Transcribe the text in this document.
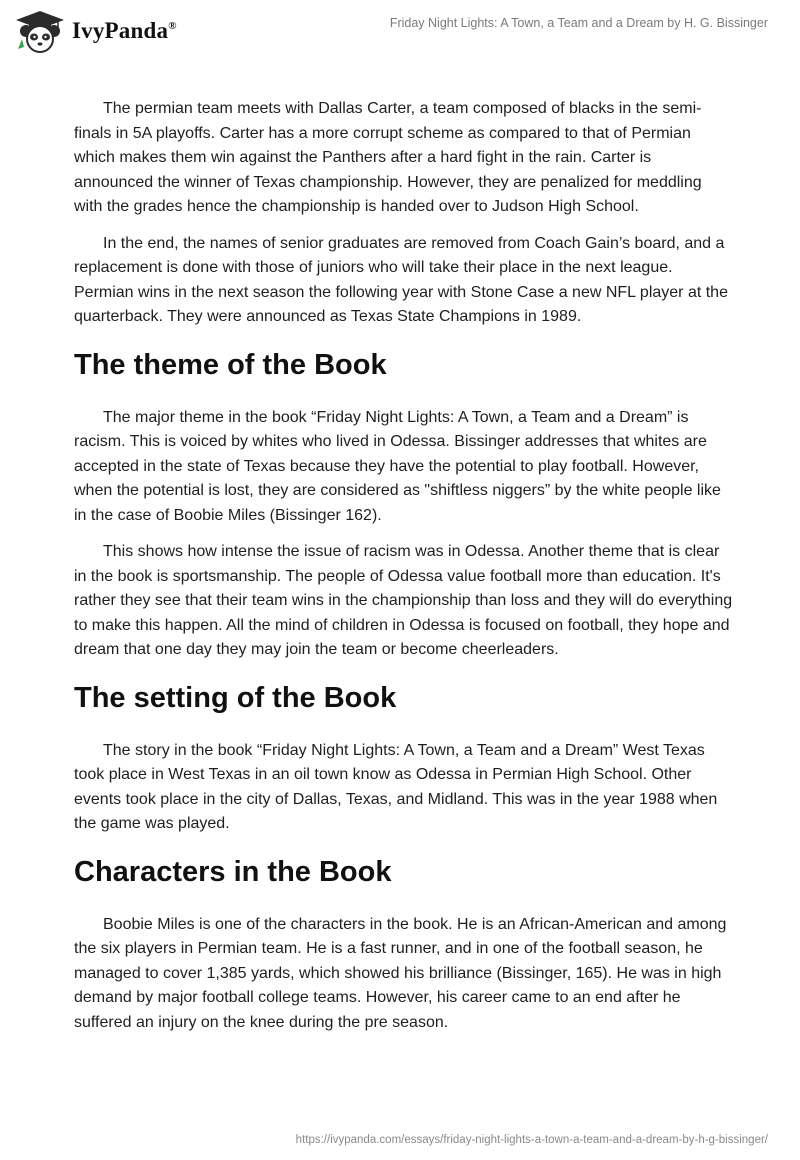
IvyPanda®	Friday Night Lights: A Town, a Team and a Dream by H. G. Bissinger

The permian team meets with Dallas Carter, a team composed of blacks in the semi-finals in 5A playoffs. Carter has a more corrupt scheme as compared to that of Permian which makes them win against the Panthers after a hard fight in the rain. Carter is announced the winner of Texas championship. However, they are penalized for meddling with the grades hence the championship is handed over to Judson High School.

In the end, the names of senior graduates are removed from Coach Gain’s board, and a replacement is done with those of juniors who will take their place in the next league. Permian wins in the next season the following year with Stone Case a new NFL player at the quarterback. They were announced as Texas State Champions in 1989.

The theme of the Book

The major theme in the book “Friday Night Lights: A Town, a Team and a Dream” is racism. This is voiced by whites who lived in Odessa. Bissinger addresses that whites are accepted in the state of Texas because they have the potential to play football. However, when the potential is lost, they are considered as "shiftless niggers” by the white people like in the case of Boobie Miles (Bissinger 162).

This shows how intense the issue of racism was in Odessa. Another theme that is clear in the book is sportsmanship. The people of Odessa value football more than education. It's rather they see that their team wins in the championship than loss and they will do everything to make this happen. All the mind of children in Odessa is focused on football, they hope and dream that one day they may join the team or become cheerleaders.

The setting of the Book

The story in the book “Friday Night Lights: A Town, a Team and a Dream” West Texas took place in West Texas in an oil town know as Odessa in Permian High School. Other events took place in the city of Dallas, Texas, and Midland. This was in the year 1988 when the game was played.

Characters in the Book

Boobie Miles is one of the characters in the book. He is an African-American and among the six players in Permian team. He is a fast runner, and in one of the football season, he managed to cover 1,385 yards, which showed his brilliance (Bissinger, 165). He was in high demand by major football college teams. However, his career came to an end after he suffered an injury on the knee during the pre season.

https://ivypanda.com/essays/friday-night-lights-a-town-a-team-and-a-dream-by-h-g-bissinger/
